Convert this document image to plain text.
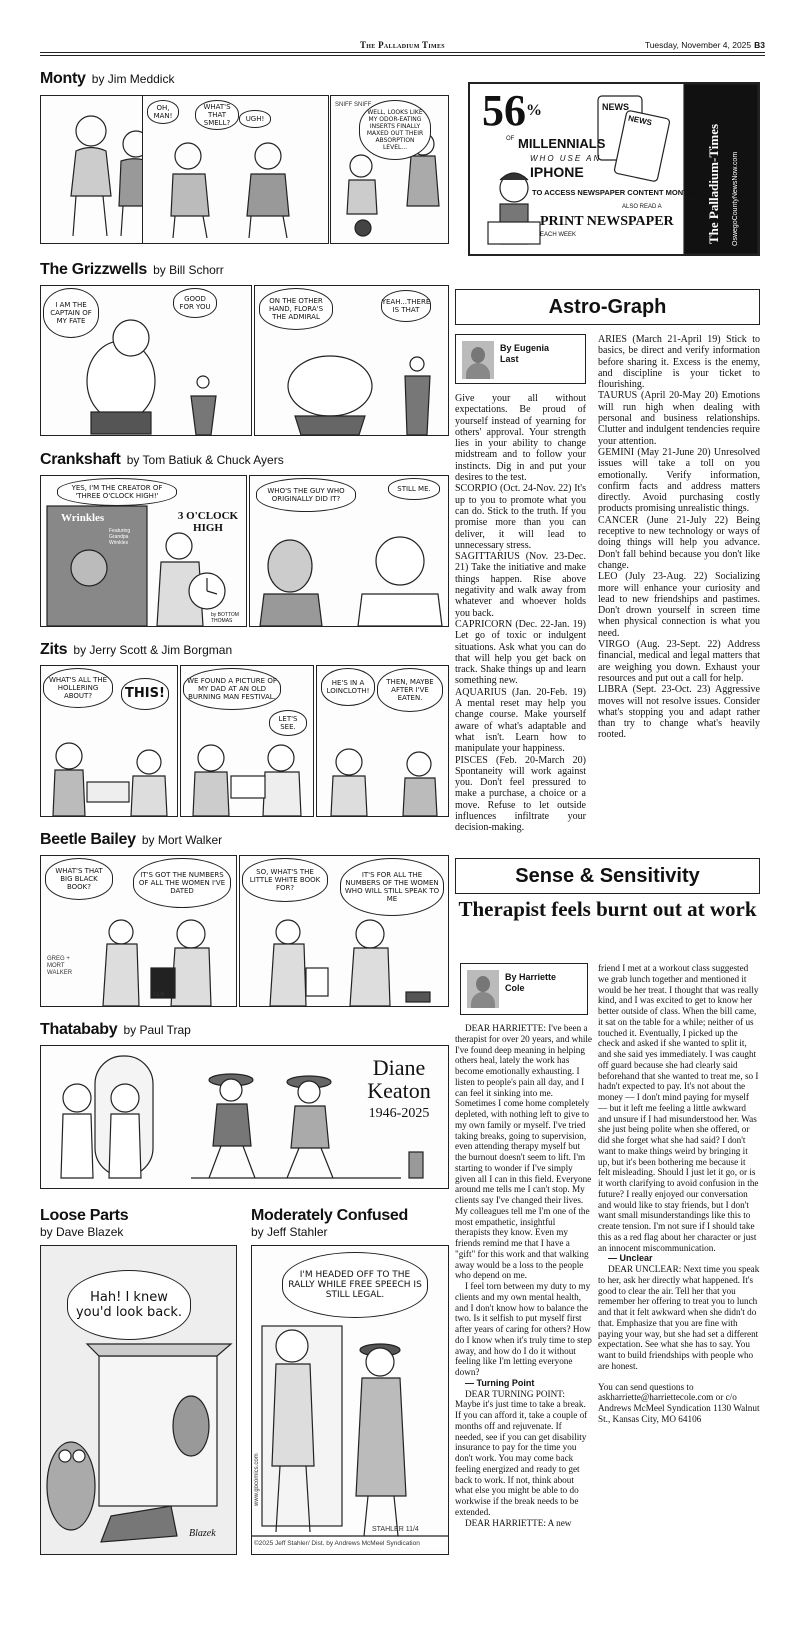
The Palladium Times	Tuesday, November 4, 2025 B3
Monty by Jim Meddick
OH, MAN!
WHAT'S THAT SMELL?	UGH!
WELL, LOOKS LIKE MY ODOR-EATING INSERTS FINALLY MAXED OUT THEIR ABSORPTION LEVEL...
SNIFF SNIFF	56%
OF MILLENNIALS
WHO USE AN
IPHONE
TO ACCESS NEWSPAPER CONTENT MONTHLY
ALSO READ A
PRINT NEWSPAPER
EACH WEEK
NEWS
NEWS
The Palladium-Times OswegoCountyNewsNow.com
The Grizzwells by Bill Schorr
I AM THE CAPTAIN OF MY FATE
GOOD FOR YOU
ON THE OTHER HAND, FLORA'S THE ADMIRAL
YEAH...THERE IS THAT
Crankshaft by Tom Batiuk & Chuck Ayers
YES, I'M THE CREATOR OF 'THREE O'CLOCK HIGH!'
Wrinkles	3 O'CLOCK HIGH
Featuring Grandpa Wrinkles
by BOTTOM THOMAS
WHO'S THE GUY WHO ORIGINALLY DID IT?
STILL ME.
Zits by Jerry Scott & Jim Borgman
WHAT'S ALL THE HOLLERING ABOUT?	THIS!
WE FOUND A PICTURE OF MY DAD AT AN OLD BURNING MAN FESTIVAL.
LET'S SEE.
HE'S IN A LOINCLOTH!
THEN, MAYBE AFTER I'VE EATEN.
Beetle Bailey by Mort Walker
WHAT'S THAT BIG BLACK BOOK?
IT'S GOT THE NUMBERS OF ALL THE WOMEN I'VE DATED
GREG + MORT WALKER
11/4
SO, WHAT'S THE LITTLE WHITE BOOK FOR?
IT'S FOR ALL THE NUMBERS OF THE WOMEN WHO WILL STILL SPEAK TO ME
Thatababy by Paul Trap
Diane Keaton
1946-2025
Loose Parts
by Dave Blazek
Hah! I knew you'd look back.
Blazek
Moderately Confused
by Jeff Stahler
I'M HEADED OFF TO THE RALLY WHILE FREE SPEECH IS STILL LEGAL.
www.gocomics.com
STAHLER 11/4
©2025 Jeff Stahler/ Dist. by Andrews McMeel Syndication
Astro-Graph
By Eugenia Last

Give your all without expectations. Be proud of yourself instead of yearning for others' approval. Your strength lies in your ability to change midstream and to follow your instincts. Dig in and put your desires to the test.

SCORPIO (Oct. 24-Nov. 22) It's up to you to promote what you can do. Stick to the truth. If you promise more than you can deliver, it will lead to unnecessary stress.

SAGITTARIUS (Nov. 23-Dec. 21) Take the initiative and make things happen. Rise above negativity and walk away from whatever and whoever holds you back.

CAPRICORN (Dec. 22-Jan. 19) Let go of toxic or indulgent situations. Ask what you can do that will help you get back on track. Shake things up and learn something new.

AQUARIUS (Jan. 20-Feb. 19) A mental reset may help you change course. Make yourself aware of what's adaptable and what isn't. Learn how to manipulate your happiness.

PISCES (Feb. 20-March 20) Spontaneity will work against you. Don't feel pressured to make a purchase, a choice or a move. Refuse to let outside influences infiltrate your decision-making.

ARIES (March 21-April 19) Stick to basics, be direct and verify information before sharing it. Excess is the enemy, and discipline is your ticket to flourishing.

TAURUS (April 20-May 20) Emotions will run high when dealing with personal and business relationships. Clutter and indulgent tendencies require your attention.

GEMINI (May 21-June 20) Unresolved issues will take a toll on you emotionally. Verify information, confirm facts and address matters directly. Avoid purchasing costly products promising unrealistic things.

CANCER (June 21-July 22) Being receptive to new technology or ways of doing things will help you advance. Don't fall behind because you don't like change.

LEO (July 23-Aug. 22) Socializing more will enhance your curiosity and lead to new friendships and pastimes. Don't drown yourself in screen time when physical connection is what you need.

VIRGO (Aug. 23-Sept. 22) Address financial, medical and legal matters that are weighing you down. Exhaust your resources and put out a call for help.

LIBRA (Sept. 23-Oct. 23) Aggressive moves will not resolve issues. Consider what's stopping you and adapt rather than try to change what's heavily rooted.

Sense & Sensitivity
Therapist feels burnt out at work
By Harriette Cole

DEAR HARRIETTE: I've been a therapist for over 20 years, and while I've found deep meaning in helping others heal, lately the work has become emotionally exhausting. I listen to people's pain all day, and I can feel it sinking into me. Sometimes I come home completely depleted, with nothing left to give to my own family or myself. I've tried taking breaks, going to supervision, even attending therapy myself but the burnout doesn't seem to lift. I'm starting to wonder if I've simply given all I can in this field. Everyone around me tells me I can't stop. My clients say I've changed their lives. My colleagues tell me I'm one of the most empathetic, insightful therapists they know. Even my friends remind me that I have a "gift" for this work and that walking away would be a loss to the people who depend on me.

I feel torn between my duty to my clients and my own mental health, and I don't know how to balance the two. Is it selfish to put myself first after years of caring for others? How do I know when it's truly time to step away, and how do I do it without feeling like I'm letting everyone down?

— Turning Point

DEAR TURNING POINT: Maybe it's just time to take a break. If you can afford it, take a couple of months off and rejuvenate. If needed, see if you can get disability insurance to pay for the time you don't work. You may come back feeling energized and ready to get back to work. If not, think about what else you might be able to do workwise if the break needs to be extended.

DEAR HARRIETTE: A new

friend I met at a workout class suggested we grab lunch together and mentioned it would be her treat. I thought that was really kind, and I was excited to get to know her better outside of class. When the bill came, it sat on the table for a while; neither of us touched it. Eventually, I picked up the check and asked if she wanted to split it, and she said yes immediately. I was caught off guard because she had clearly said beforehand that she wanted to treat me, so I hadn't expected to pay. It's not about the money — I don't mind paying for myself — but it left me feeling a little awkward and unsure if I had misunderstood her. Was she just being polite when she offered, or did she forget what she had said? I don't want to make things weird by bringing it up, but it's been bothering me because it felt misleading. Should I just let it go, or is it worth clarifying to avoid confusion in the future? I really enjoyed our conversation and would like to stay friends, but I don't want small misunderstandings like this to create tension. I'm not sure if I should take this as a red flag about her character or just an innocent miscommunication.

— Unclear

DEAR UNCLEAR: Next time you speak to her, ask her directly what happened. It's good to clear the air. Tell her that you remember her offering to treat you to lunch and that it felt awkward when she didn't do that. Emphasize that you are fine with paying your way, but she had set a different expectation. See what she has to say. You want to build friendships with people who are honest.

You can send questions to askharriette@harriettecole.com or c/o Andrews McMeel Syndication 1130 Walnut St., Kansas City, MO 64106
